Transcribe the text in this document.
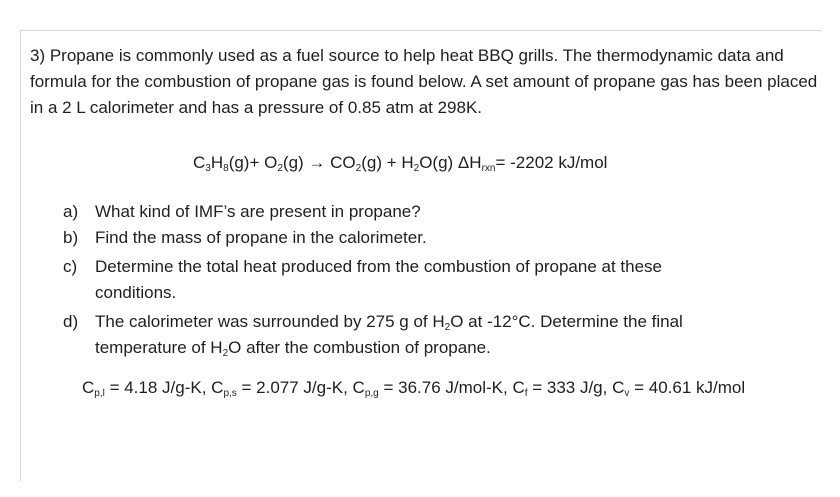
3) Propane is commonly used as a fuel source to help heat BBQ grills. The thermodynamic data and formula for the combustion of propane gas is found below. A set amount of propane gas has been placed in a 2 L calorimeter and has a pressure of 0.85 atm at 298K.
$C_3H_8(g)+ O_2(g) \to CO_2(g) + H_2O(g)$ $\Delta H_{rxn}= -2202$ kJ/mol
a) What kind of IMF’s are present in propane?
b) Find the mass of propane in the calorimeter.
c)	Determine the total heat produced from the combustion of propane at these conditions.
d) The calorimeter was surrounded by 275 g of $H_2O$ at -12°C. Determine the final temperature of $H_2O$ after the combustion of propane.
$C_{p,l} = 4.18$ J/g-K, $C_{p,s} = 2.077$ J/g-K, $C_{p,g} = 36.76$ J/mol-K, $C_f = 333$ J/g, $C_v = 40.61$ kJ/mol
